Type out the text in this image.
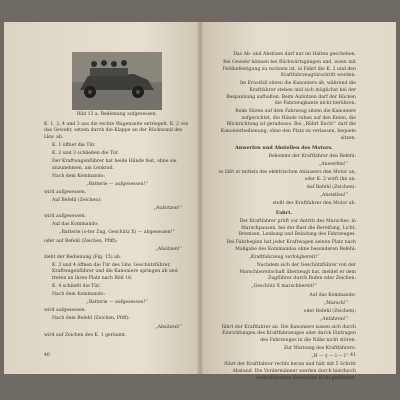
Bild 13 a. Bedienung aufgesessen.

K. 1, 2, 4 und 3 aus die rechte Wagenseite entriegelt. K. 2 ves das Gewehr, setzen durch die Klappe an der Rückwand des Lkw. ab.

K. 1 öffnet die Tür.

K. 2 und 3 schließen die Tür.

Der Kraftwagenführer hat beide Hände fest, ohne sie anzunehmen, am Lenkrad.

Nach dem Kommando:

„Batterie — aufgesessen!“

wird aufgesessen.

Auf Befehl (Zeichen):

„Aufsitzen!“

wird aufgesessen.

Auf das Kommando:

„Batterie (o-ter Zug, Geschütz X) — abgesessen!“

oder auf Befehl (Zeichen, Pfiff):

„Absitzen!“

zieht der Bedienung (Fig. 15) ab.

K. 3 und 4 öffnen die Tür des Lkw. Geschützführer, Kraftwagenführer und die Kanoniere springen ab und treten an ihren Platz nach Bild 18.

K. 4 schließt die Tür.

Nach dem Kommando:

„Batterie — aufgesessen!“

wird aufgesessen.

Nach dem Befehl (Zeichen, Pfiff):

„Absitzen!“

wird auf Zeichen des K. 1 geräumt.

40

Das Ab- und Absitzen darf nur im Halten geschehen.

Bei Gewehr können bei Rückwärtsgängen und, wenn mit Feldbefestigung zu rechnen ist, in Fahrt die K. 2 und den Kraftfahrzeugtürschritt werden.

Im Ernstfall sitzen die Kanoniere ab, während die Kraftfahrer stehen und sich möglichst bei der Bespannung aufhalten. Beim Aufsitzen darf der Rücken die Fahrzeugkante nicht berühren.

Beim Sitzen auf dem Fahrzeug sitzen die Kanoniere aufgerichtet, die Hände ruhen auf den Knien, die Blickrichtung ist geradeaus. Bei „Rührt Euch!“ darf die Kanonierbedienung, ohne den Platz zu verlassen, bequem sitzen.

Anwerfen und Abstellen des Motors.

Bekommt der Kraftfahrer den Befehl:

„Anwerfen!“

so läßt er mittels des elektrischen Anlassers den Motor an, oder K. 2 wirft ihn an.

Auf Befehl (Zeichen):

„Abstellen!“

stellt der Kraftfahrer den Motor ab.

Fahrt.

Der Kraftfahrer prüft vor Antritt des Marsches, in Marschpausen, bei der Rast die Bereifung, Licht, Bremsen, Lenkung und Beladung des Fahrzeuges.

Bei Fahrbeginn hat jeder Kraftwagen seinen Platz nach Maßgabe des Kommandos ohne besonderen Befehl:

„Kraftfahrzeug verfolgbereit!“

Nachdem sich der Geschützführer von der Marschbereitschaft überzeugt hat, meldet er dem Zugführer durch Rufen oder Zeichen:

„Geschütz X marschbereit!“

Auf das Kommando:

„Marsch!“

oder Befehl (Zeichen):

„Anfahren!“

fährt der Kraftfahrer an. Die Kanoniere lassen sich durch Einrichtungen des Kraftfahrzeuges oder durch Eintragen des Fahrzeuges in die Nähe nicht stören.

Zur Warnung des Kraftfahrers:

„H — y — l — l“

führt der Kraftfahrer rechts heran und hält mit 5 Schritt Abstand. Die Vordermänner werden durch hierdurch weiterfahrende Geschütze nicht gefährdet.

41
